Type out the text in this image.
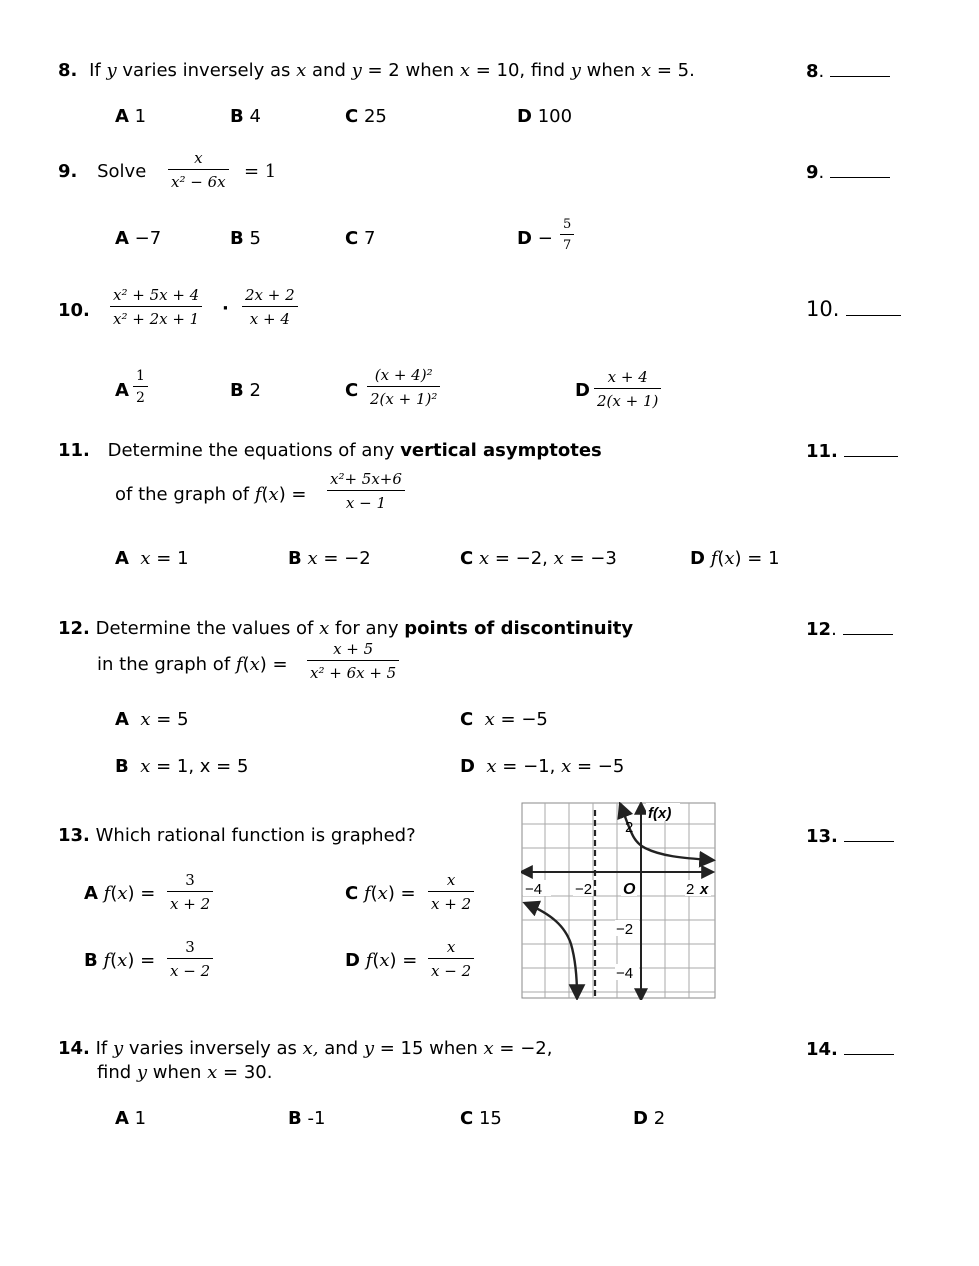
8. If y varies inversely as x and y = 2 when x = 10, find y when x = 5.	8.
A 1	B 4	C 25	D 100
9. Solve $\frac{x}{\text{x² − 6x}} = 1$	9.
A −7	B 5	C 7	$D - \frac{5}{7}$
10. $\frac{\text{x² + 5x + 4}}{\text{x² + 2x + 1}} \cdot \frac{2x + 2}{x + 4}$	10.
A $\frac{1}{2}$	B 2	C $\frac{\text{(x + 4)²}}{\text{2(x + 1)²}}$	D $\frac{x + 4}{2(x + 1)}$
11. Determine the equations of any vertical asymptotes	11.
of the graph of $f(x) = \frac{\text{x²+ 5x+6}}{x - 1}$
A x = 1	B x = −2	C x = −2, x = −3	D f(x) = 1
12. Determine the values of x for any points of discontinuity	12.
in the graph of $f(x) = \frac{x + 5}{\text{x² + 6x + 5}}$
A x = 5
B x = 1, x = 5
C x = −5
D x = −1, x = −5
13. Which rational function is graphed?	13.
A $f(x) = \frac{3}{x + 2}$
B $f(x) = \frac{3}{x - 2}$
C $f(x) = \frac{x}{x + 2}$
D $f(x) = \frac{x}{x - 2}$
f(x)
2
−4 −2 O	2 x
−2
−4
14. If y varies inversely as x, and y = 15 when x = −2,
find y when x = 30.
14.
A 1	B -1	C 15	D 2
